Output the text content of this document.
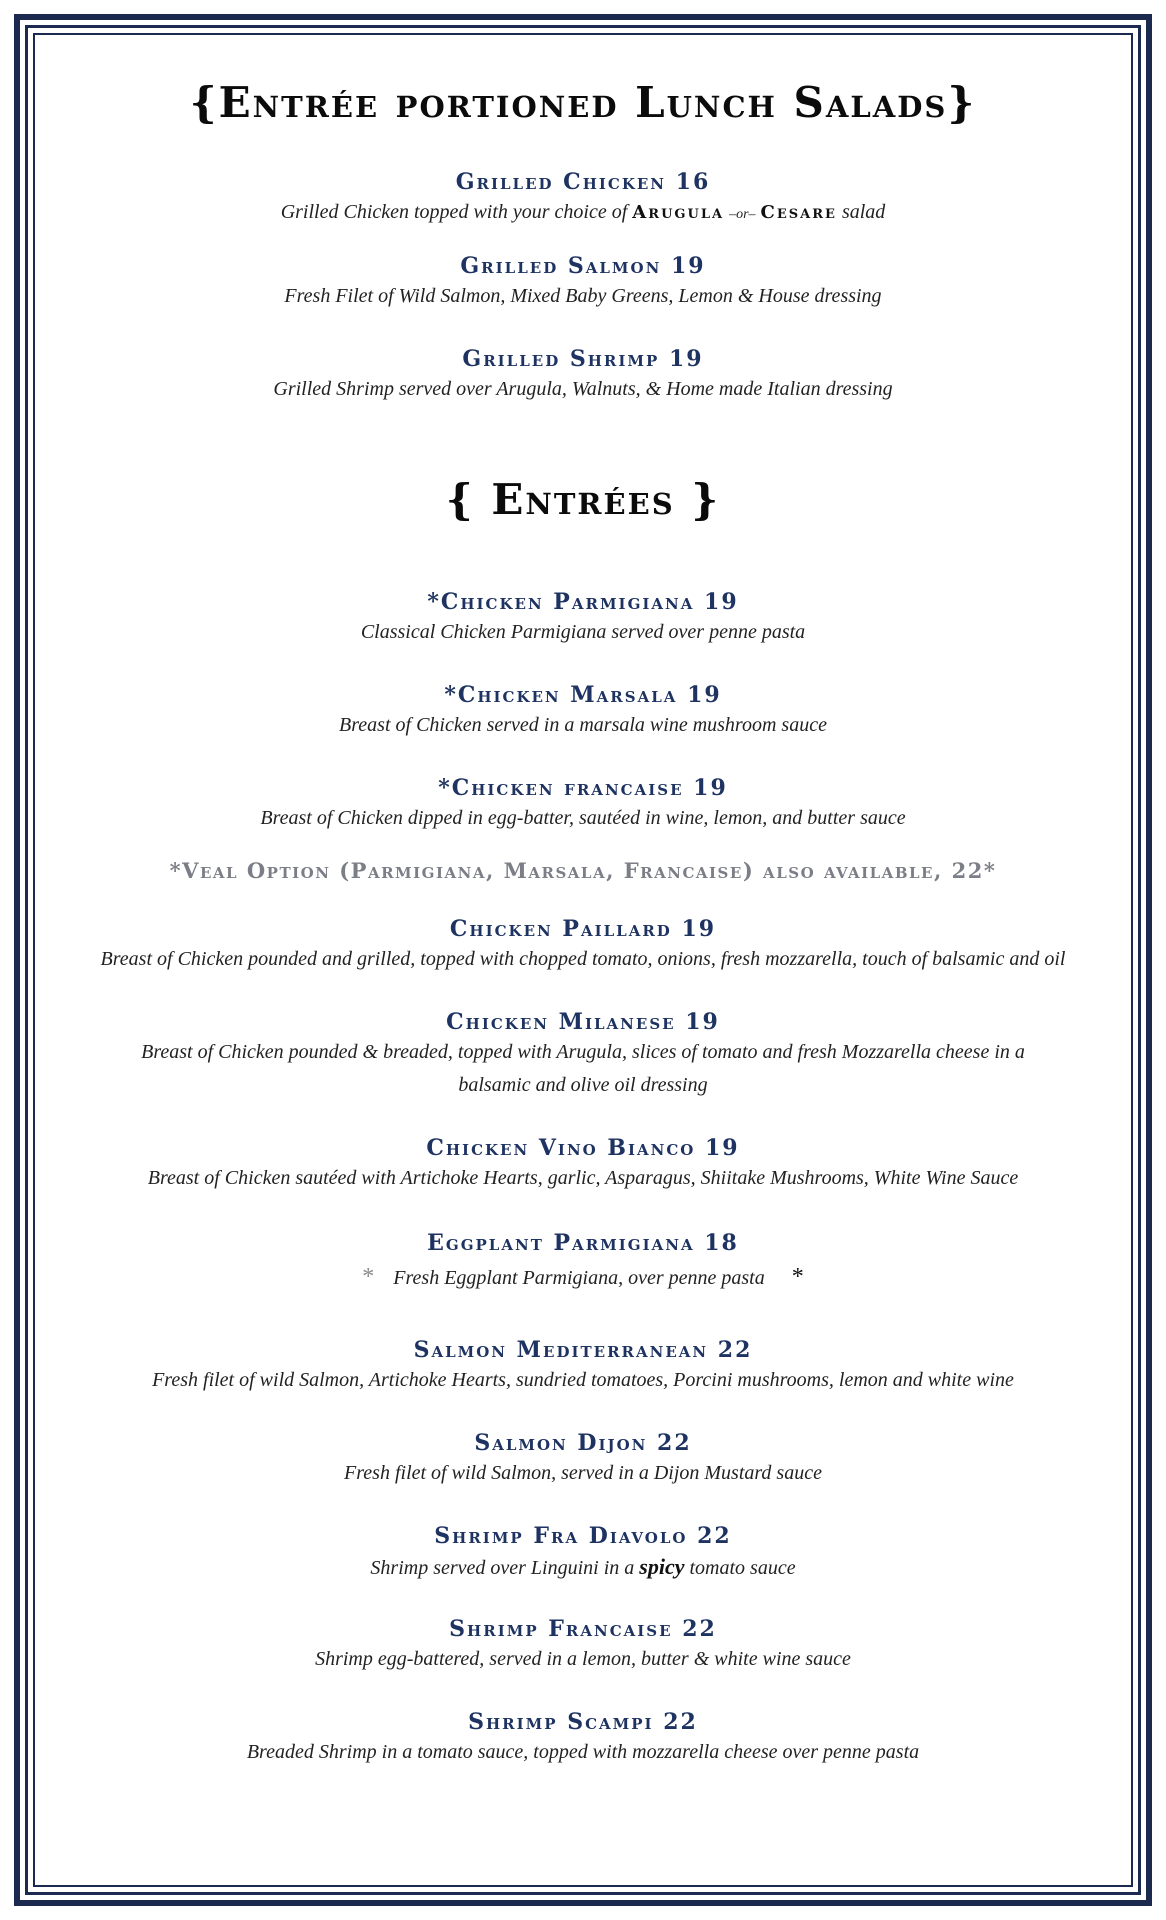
{Entrée portioned Lunch Salads}
Grilled Chicken 16
Grilled Chicken topped with your choice of Arugula –or– Cesare salad
Grilled Salmon 19
Fresh Filet of Wild Salmon, Mixed Baby Greens, Lemon & House dressing
Grilled Shrimp 19
Grilled Shrimp served over Arugula, Walnuts, & Home made Italian dressing
{ Entrées }
*Chicken Parmigiana 19
Classical Chicken Parmigiana served over penne pasta
*Chicken Marsala 19
Breast of Chicken served in a marsala wine mushroom sauce
*Chicken francaise 19
Breast of Chicken dipped in egg-batter, sautéed in wine, lemon, and butter sauce
*Veal Option (Parmigiana, Marsala, Francaise) also available, 22*
Chicken Paillard 19
Breast of Chicken pounded and grilled, topped with chopped tomato, onions, fresh mozzarella, touch of balsamic and oil
Chicken Milanese 19
Breast of Chicken pounded & breaded, topped with Arugula, slices of tomato and fresh Mozzarella cheese in a balsamic and olive oil dressing
Chicken Vino Bianco 19
Breast of Chicken sautéed with Artichoke Hearts, garlic, Asparagus, Shiitake Mushrooms, White Wine Sauce
Eggplant Parmigiana 18
* Fresh Eggplant Parmigiana, over penne pasta *
Salmon Mediterranean 22
Fresh filet of wild Salmon, Artichoke Hearts, sundried tomatoes, Porcini mushrooms, lemon and white wine
Salmon Dijon 22
Fresh filet of wild Salmon, served in a Dijon Mustard sauce
Shrimp Fra Diavolo 22
Shrimp served over Linguini in a spicy tomato sauce
Shrimp Francaise 22
Shrimp egg-battered, served in a lemon, butter & white wine sauce
Shrimp Scampi 22
Breaded Shrimp in a tomato sauce, topped with mozzarella cheese over penne pasta
